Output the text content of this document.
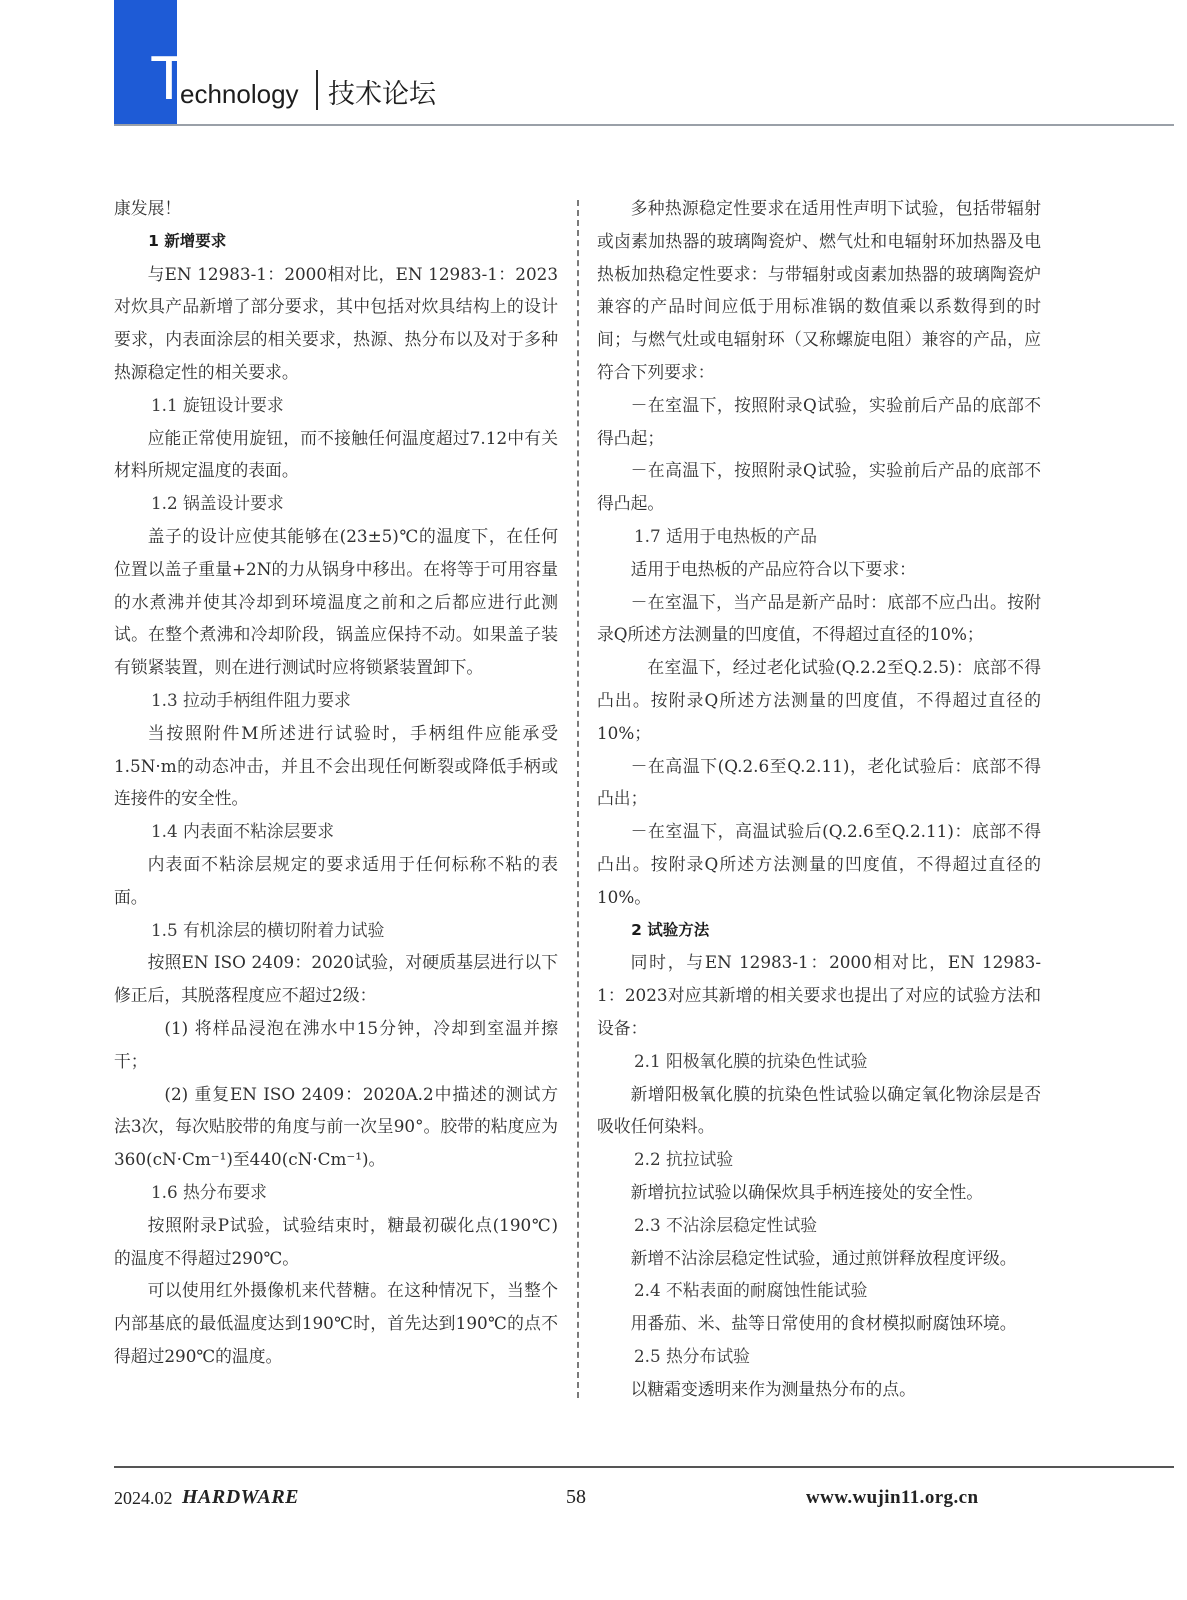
T
echnology 技术论坛

康发展！

1 新增要求

与EN 12983-1：2000相对比，EN 12983-1：2023对炊具产品新增了部分要求，其中包括对炊具结构上的设计要求，内表面涂层的相关要求，热源、热分布以及对于多种热源稳定性的相关要求。

1.1 旋钮设计要求

应能正常使用旋钮，而不接触任何温度超过7.12中有关材料所规定温度的表面。

1.2 锅盖设计要求

盖子的设计应使其能够在(23±5)℃的温度下，在任何位置以盖子重量+2N的力从锅身中移出。在将等于可用容量的水煮沸并使其冷却到环境温度之前和之后都应进行此测试。在整个煮沸和冷却阶段，锅盖应保持不动。如果盖子装有锁紧装置，则在进行测试时应将锁紧装置卸下。

1.3 拉动手柄组件阻力要求

当按照附件M所述进行试验时，手柄组件应能承受1.5N·m的动态冲击，并且不会出现任何断裂或降低手柄或连接件的安全性。

1.4 内表面不粘涂层要求

内表面不粘涂层规定的要求适用于任何标称不粘的表面。

1.5 有机涂层的横切附着力试验

按照EN ISO 2409：2020试验，对硬质基层进行以下修正后，其脱落程度应不超过2级：

(1) 将样品浸泡在沸水中15分钟，冷却到室温并擦干；

(2) 重复EN ISO 2409：2020A.2中描述的测试方法3次，每次贴胶带的角度与前一次呈90°。胶带的粘度应为360(cN·Cm⁻¹)至440(cN·Cm⁻¹)。

1.6 热分布要求

按照附录P试验，试验结束时，糖最初碳化点(190℃)的温度不得超过290℃。

可以使用红外摄像机来代替糖。在这种情况下，当整个内部基底的最低温度达到190℃时，首先达到190℃的点不得超过290℃的温度。

多种热源稳定性要求在适用性声明下试验，包括带辐射或卤素加热器的玻璃陶瓷炉、燃气灶和电辐射环加热器及电热板加热稳定性要求：与带辐射或卤素加热器的玻璃陶瓷炉兼容的产品时间应低于用标准锅的数值乘以系数得到的时间；与燃气灶或电辐射环（又称螺旋电阻）兼容的产品，应符合下列要求：

－在室温下，按照附录Q试验，实验前后产品的底部不得凸起；

－在高温下，按照附录Q试验，实验前后产品的底部不得凸起。

1.7 适用于电热板的产品

适用于电热板的产品应符合以下要求：

－在室温下，当产品是新产品时：底部不应凸出。按附录Q所述方法测量的凹度值，不得超过直径的10%；

在室温下，经过老化试验(Q.2.2至Q.2.5)：底部不得凸出。按附录Q所述方法测量的凹度值，不得超过直径的10%；

－在高温下(Q.2.6至Q.2.11)，老化试验后：底部不得凸出；

－在室温下，高温试验后(Q.2.6至Q.2.11)：底部不得凸出。按附录Q所述方法测量的凹度值，不得超过直径的10%。

2 试验方法

同时，与EN 12983-1：2000相对比，EN 12983-1：2023对应其新增的相关要求也提出了对应的试验方法和设备：

2.1 阳极氧化膜的抗染色性试验

新增阳极氧化膜的抗染色性试验以确定氧化物涂层是否吸收任何染料。

2.2 抗拉试验

新增抗拉试验以确保炊具手柄连接处的安全性。

2.3 不沾涂层稳定性试验

新增不沾涂层稳定性试验，通过煎饼释放程度评级。

2.4 不粘表面的耐腐蚀性能试验

用番茄、米、盐等日常使用的食材模拟耐腐蚀环境。

2.5 热分布试验

以糖霜变透明来作为测量热分布的点。

2024.02 HARDWARE	58	www.wujin11.org.cn
